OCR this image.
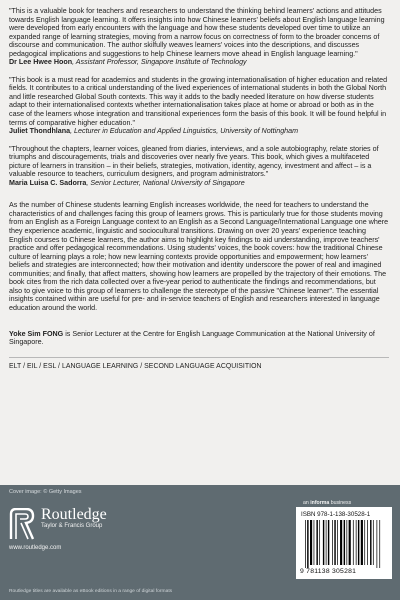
"This is a valuable book for teachers and researchers to understand the thinking behind learners' actions and attitudes towards English language learning. It offers insights into how Chinese learners' beliefs about English language learning were developed from early encounters with the language and how these students developed over time to utilize an expanded range of learning strategies, moving from a narrow focus on correctness of form to the broader concerns of discourse and communication. The author skilfully weaves learners' voices into the descriptions, and discusses pedagogical implications and suggestions to help Chinese learners move ahead in English language learning."

Dr Lee Hwee Hoon, Assistant Professor, Singapore Institute of Technology

"This book is a must read for academics and students in the growing internationalisation of higher education and related fields. It contributes to a critical understanding of the lived experiences of international students in both the Global North and little researched Global South contexts. This way it adds to the badly needed literature on how diverse students adapt to their internationalised contexts whether internationalisation takes place at home or abroad or both as in the case of the learners whose integration and transitional experiences form the basis of this book. It will be found helpful in terms of comparative higher education."

Juliet Thondhlana, Lecturer in Education and Applied Linguistics, University of Nottingham

"Throughout the chapters, learner voices, gleaned from diaries, interviews, and a sole autobiography, relate stories of triumphs and discouragements, trials and discoveries over nearly five years. This book, which gives a multifaceted picture of learners in transition – in their beliefs, strategies, motivation, identity, agency, investment and affect – is a valuable resource to teachers, curriculum designers, and program administrators."

Maria Luisa C. Sadorra, Senior Lecturer, National University of Singapore

As the number of Chinese students learning English increases worldwide, the need for teachers to understand the characteristics of and challenges facing this group of learners grows. This is particularly true for those students moving from an English as a Foreign Language context to an English as a Second Language/International Language one where they experience academic, linguistic and sociocultural transitions. Drawing on over 20 years' experience teaching English courses to Chinese learners, the author aims to highlight key findings to aid understanding, improve teachers' practice and offer pedagogical recommendations. Using students' voices, the book covers: how the traditional Chinese culture of learning plays a role; how new learning contexts provide opportunities and empowerment; how learners' beliefs and strategies are interconnected; how their motivation and identity underscore the power of real and imagined communities; and finally, that affect matters, showing how learners are propelled by the trajectory of their emotions. The book cites from the rich data collected over a five-year period to authenticate the findings and recommendations, but also to give voice to this group of learners to challenge the stereotype of the passive "Chinese learner". The essential insights contained within are useful for pre- and in-service teachers of English and researchers interested in language education around the world.

Yoke Sim FONG is Senior Lecturer at the Centre for English Language Communication at the National University of Singapore.

ELT / EIL / ESL / LANGUAGE LEARNING / SECOND LANGUAGE ACQUISITION
Cover image: © Getty Images
Routledge
Taylor & Francis Group
www.routledge.com
Routledge titles are available as eBook editions in a range of digital formats
an informa business
ISBN 978-1-138-30528-1
9 781138 305281
